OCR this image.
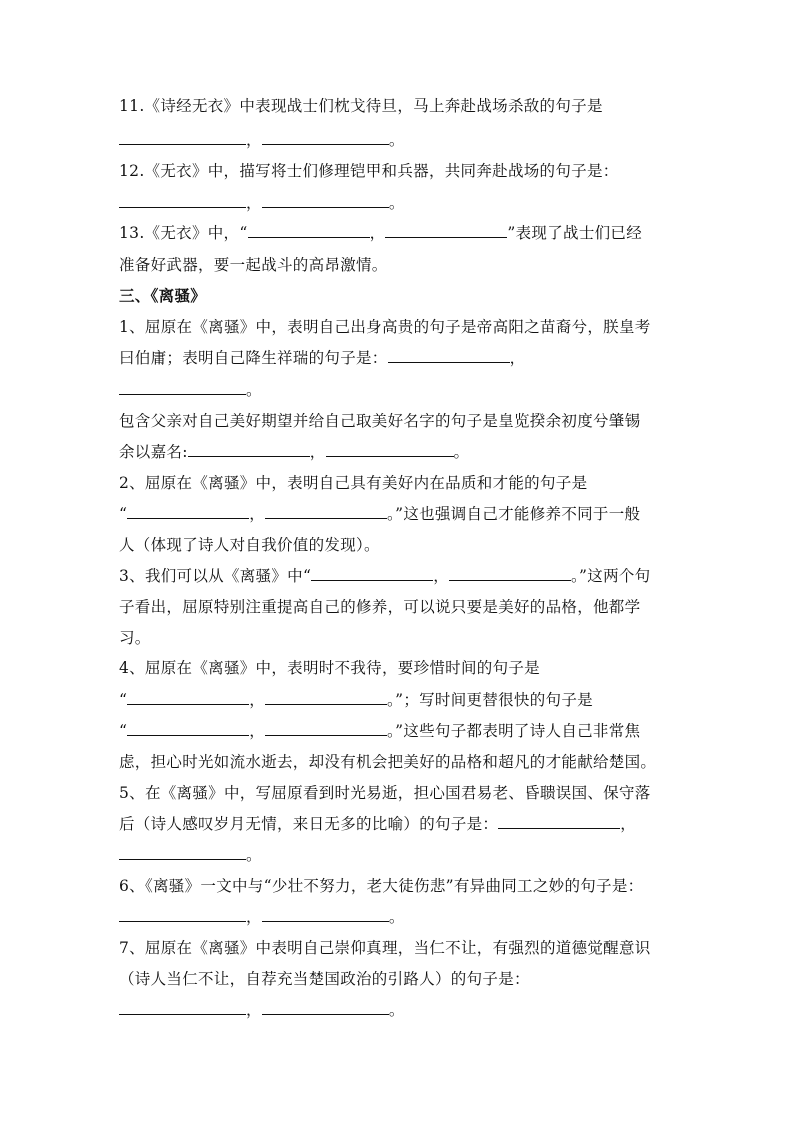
11.《诗经无衣》中表现战士们枕戈待旦，马上奔赴战场杀敌的句子是
，	。
12.《无衣》中，描写将士们修理铠甲和兵器，共同奔赴战场的句子是：
，	。
13.《无衣》中，“	，	”表现了战士们已经
准备好武器，要一起战斗的高昂激情。
三、《离骚》
1、屈原在《离骚》中，表明自己出身高贵的句子是帝高阳之苗裔兮，朕皇考
曰伯庸；表明自己降生祥瑞的句子是：	，
。
包含父亲对自己美好期望并给自己取美好名字的句子是皇览揆余初度兮肇锡
余以嘉名:	，	。
2、屈原在《离骚》中，表明自己具有美好内在品质和才能的句子是
“	，	。”这也强调自己才能修养不同于一般
人（体现了诗人对自我价值的发现）。
3、我们可以从《离骚》中“	，	。”这两个句
子看出，屈原特别注重提高自己的修养，可以说只要是美好的品格，他都学
习。
4、屈原在《离骚》中，表明时不我待，要珍惜时间的句子是
“	，	。”；写时间更替很快的句子是
“	，	。”这些句子都表明了诗人自己非常焦
虑，担心时光如流水逝去，却没有机会把美好的品格和超凡的才能献给楚国。
5、在《离骚》中，写屈原看到时光易逝，担心国君易老、昏聩误国、保守落
后（诗人感叹岁月无情，来日无多的比喻）的句子是：	，
。
6、《离骚》一文中与“少壮不努力，老大徒伤悲”有异曲同工之妙的句子是：
，	。
7、屈原在《离骚》中表明自己崇仰真理，当仁不让，有强烈的道德觉醒意识
（诗人当仁不让，自荐充当楚国政治的引路人）的句子是：
，	。
